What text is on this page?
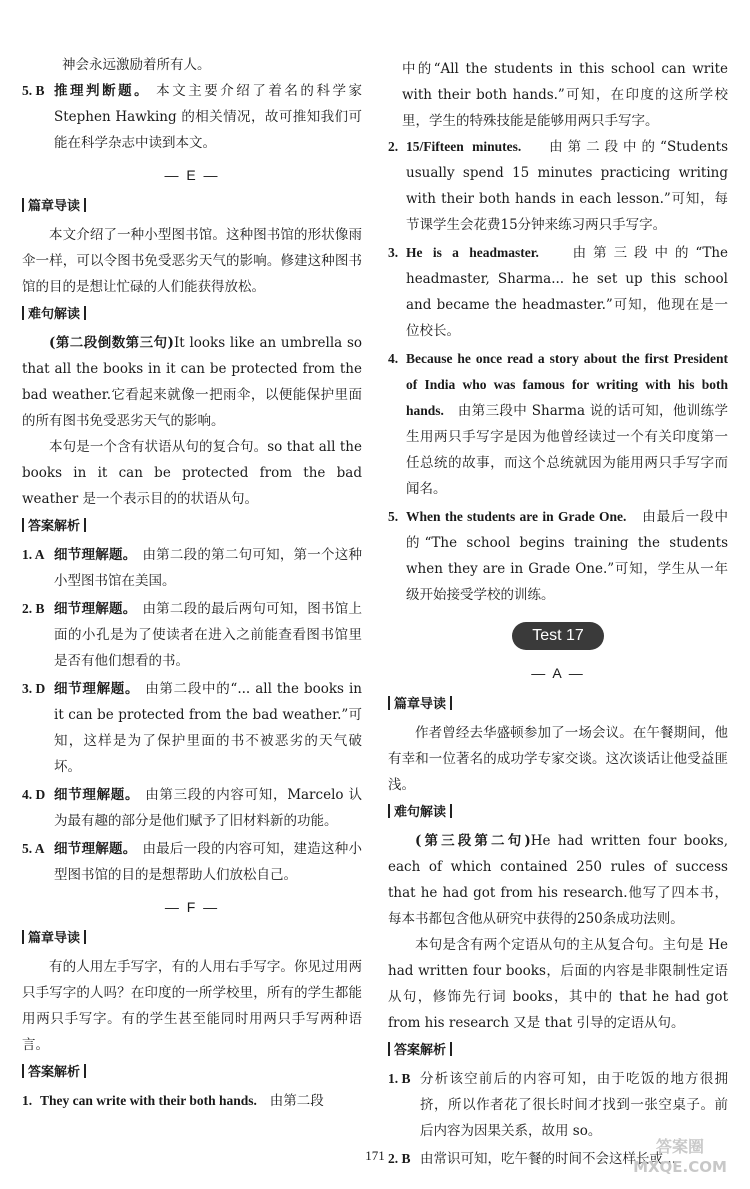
神会永远激励着所有人。

5. B 推理判断题。 本文主要介绍了着名的科学家 Stephen Hawking 的相关情况，故可推知我们可能在科学杂志中读到本文。
— E —
篇章导读

本文介绍了一种小型图书馆。这种图书馆的形状像雨伞一样，可以令图书免受恶劣天气的影响。修建这种图书馆的目的是想让忙碌的人们能获得放松。

难句解读

(第二段倒数第三句)It looks like an umbrella so that all the books in it can be protected from the bad weather.它看起来就像一把雨伞，以便能保护里面的所有图书免受恶劣天气的影响。

本句是一个含有状语从句的复合句。so that all the books in it can be protected from the bad weather 是一个表示目的的状语从句。

答案解析
1. A 细节理解题。 由第二段的第二句可知，第一个这种小型图书馆在美国。
2. B 细节理解题。 由第二段的最后两句可知，图书馆上面的小孔是为了使读者在进入之前能查看图书馆里是否有他们想看的书。
3. D 细节理解题。 由第二段中的“... all the books in it can be protected from the bad weather.”可知，这样是为了保护里面的书不被恶劣的天气破坏。
4. D 细节理解题。 由第三段的内容可知，Marcelo 认为最有趣的部分是他们赋予了旧材料新的功能。
5. A 细节理解题。 由最后一段的内容可知，建造这种小型图书馆的目的是想帮助人们放松自己。
— F —
篇章导读

有的人用左手写字，有的人用右手写字。你见过用两只手写字的人吗？在印度的一所学校里，所有的学生都能用两只手写字。有的学生甚至能同时用两只手写两种语言。

答案解析
1. They can write with their both hands. 由第二段

中的“All the students in this school can write with their both hands.”可知，在印度的这所学校里，学生的特殊技能是能够用两只手写字。

2. 15/Fifteen minutes. 由第二段中的“Students usually spend 15 minutes practicing writing with their both hands in each lesson.”可知，每节课学生会花费15分钟来练习两只手写字。
3. He is a headmaster.	由第三段中的“The headmaster, Sharma... he set up this school and became the headmaster.”可知，他现在是一位校长。
4. Because he once read a story about the first President of India who was famous for writing with his both hands. 由第三段中 Sharma 说的话可知，他训练学生用两只手写字是因为他曾经读过一个有关印度第一任总统的故事，而这个总统就因为能用两只手写字而闻名。
5. When the students are in Grade One. 由最后一段中的“The school begins training the students when they are in Grade One.”可知，学生从一年级开始接受学校的训练。
Test 17
— A —
篇章导读

作者曾经去华盛顿参加了一场会议。在午餐期间，他有幸和一位著名的成功学专家交谈。这次谈话让他受益匪浅。

难句解读

(第三段第二句)He had written four books, each of which contained 250 rules of success that he had got from his research.他写了四本书，每本书都包含他从研究中获得的250条成功法则。

本句是含有两个定语从句的主从复合句。主句是 He had written four books，后面的内容是非限制性定语从句，修饰先行词 books，其中的 that he had got from his research 又是 that 引导的定语从句。

答案解析
1. B 分析该空前后的内容可知，由于吃饭的地方很拥挤，所以作者花了很长时间才找到一张空桌子。前后内容为因果关系，故用 so。
2. B 由常识可知，吃午餐的时间不会这样长或...
171	答案圈
MXQE.COM
